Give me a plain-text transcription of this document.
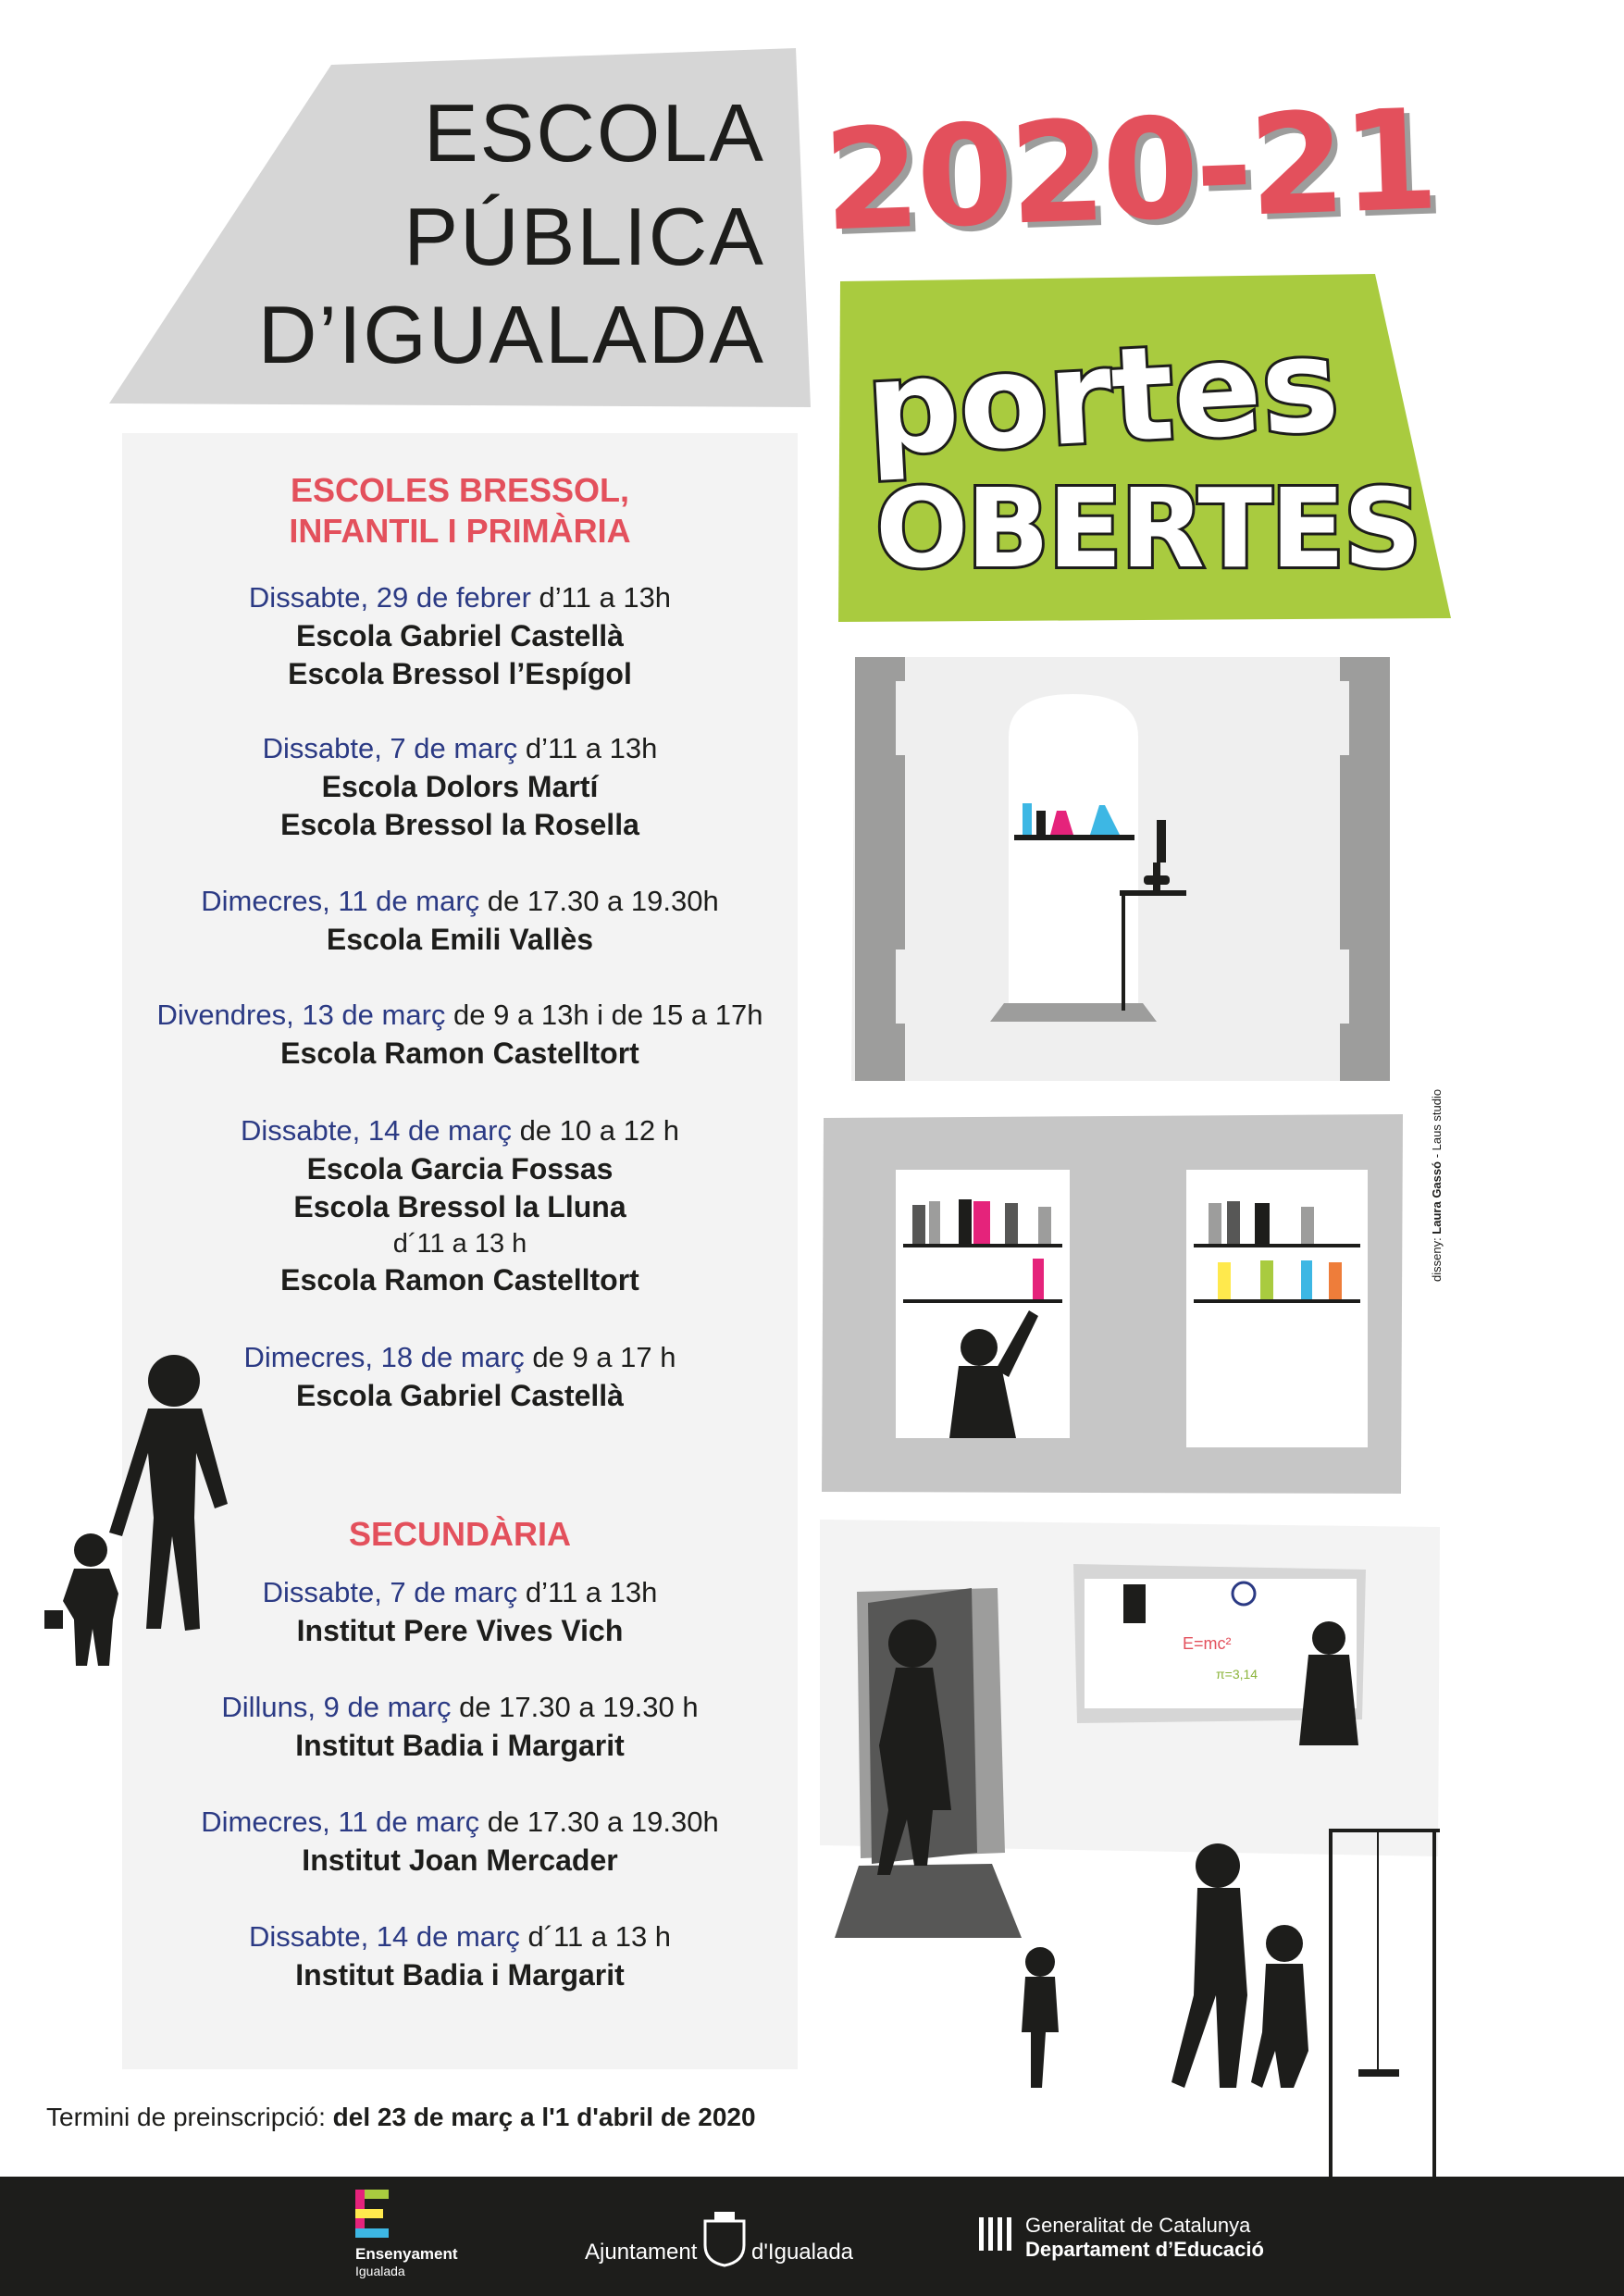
ESCOLA
PÚBLICA
D’IGUALADA
2020-21
portes
OBERTES
ESCOLES BRESSOL,
INFANTIL I PRIMÀRIA
Dissabte, 29 de febrer d’11 a 13h
Escola Gabriel Castellà
Escola Bressol l’Espígol
Dissabte, 7 de març d’11 a 13h
Escola Dolors Martí
Escola Bressol la Rosella
Dimecres, 11 de març de 17.30 a 19.30h
Escola Emili Vallès
Divendres, 13 de març de 9 a 13h i de 15 a 17h
Escola Ramon Castelltort
Dissabte, 14 de març de 10 a 12 h
Escola Garcia Fossas
Escola Bressol la Lluna
d´11 a 13 h
Escola Ramon Castelltort
Dimecres, 18 de març de 9 a 17 h
Escola Gabriel Castellà
SECUNDÀRIA
Dissabte, 7 de març d’11 a 13h
Institut Pere Vives Vich
Dilluns, 9 de març de 17.30 a 19.30 h
Institut Badia i Margarit
Dimecres, 11 de març de 17.30 a 19.30h
Institut Joan Mercader
Dissabte, 14 de març d´11 a 13 h
Institut Badia i Margarit
disseny: Laura Gassó - Laus studio
E=mc²
π=3,14
Termini de preinscripció: del 23 de març a l'1 d'abril de 2020
Ensenyament
Igualada
Ajuntament d'Igualada
Generalitat de Catalunya
Departament d’Educació
